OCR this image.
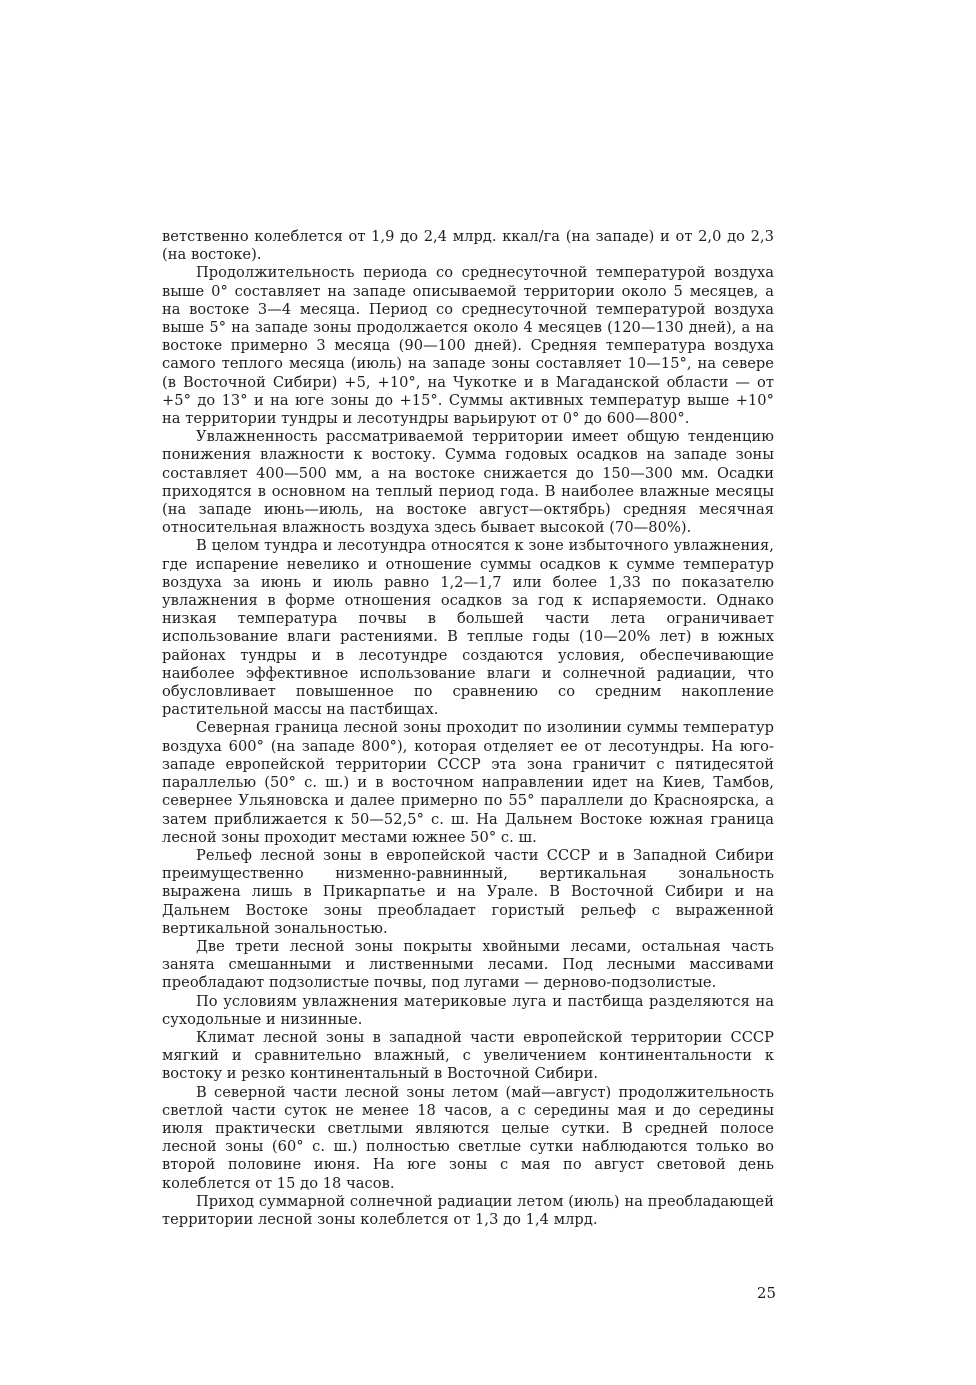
ветственно колеблется от 1,9 до 2,4 млрд. ккал/га (на западе) и от 2,0 до 2,3 (на востоке).

Продолжительность периода со среднесуточной температурой воздуха выше 0° составляет на западе описываемой территории около 5 месяцев, а на востоке 3—4 месяца. Период со среднесуточной температурой воздуха выше 5° на западе зоны продолжается около 4 месяцев (120—130 дней), а на востоке примерно 3 месяца (90—100 дней). Средняя температура воздуха самого теплого месяца (июль) на западе зоны составляет 10—15°, на севере (в Восточной Сибири) +5, +10°, на Чукотке и в Магаданской области — от +5° до 13° и на юге зоны до +15°. Суммы активных температур выше +10° на территории тундры и лесотундры варьируют от 0° до 600—800°.

Увлажненность рассматриваемой территории имеет общую тенденцию понижения влажности к востоку. Сумма годовых осадков на западе зоны составляет 400—500 мм, а на востоке снижается до 150—300 мм. Осадки приходятся в основном на теплый период года. В наиболее влажные месяцы (на западе июнь—июль, на востоке август—октябрь) средняя месячная относительная влажность воздуха здесь бывает высокой (70—80%).

В целом тундра и лесотундра относятся к зоне избыточного увлажнения, где испарение невелико и отношение суммы осадков к сумме температур воздуха за июнь и июль равно 1,2—1,7 или более 1,33 по показателю увлажнения в форме отношения осадков за год к испаряемости. Однако низкая температура почвы в большей части лета ограничивает использование влаги растениями. В теплые годы (10—20% лет) в южных районах тундры и в лесотундре создаются условия, обеспечивающие наиболее эффективное использование влаги и солнечной радиации, что обусловливает повышенное по сравнению со средним накопление растительной массы на пастбищах.

Северная граница лесной зоны проходит по изолинии суммы температур воздуха 600° (на западе 800°), которая отделяет ее от лесотундры. На юго-западе европейской территории СССР эта зона граничит с пятидесятой параллелью (50° с. ш.) и в восточном направлении идет на Киев, Тамбов, севернее Ульяновска и далее примерно по 55° параллели до Красноярска, а затем приближается к 50—52,5° с. ш. На Дальнем Востоке южная граница лесной зоны проходит местами южнее 50° с. ш.

Рельеф лесной зоны в европейской части СССР и в Западной Сибири преимущественно низменно-равнинный, вертикальная зональность выражена лишь в Прикарпатье и на Урале. В Восточной Сибири и на Дальнем Востоке зоны преобладает гористый рельеф с выраженной вертикальной зональностью.

Две трети лесной зоны покрыты хвойными лесами, остальная часть занята смешанными и лиственными лесами. Под лесными массивами преобладают подзолистые почвы, под лугами — дерново-подзолистые.

По условиям увлажнения материковые луга и пастбища разделяются на суходольные и низинные.

Климат лесной зоны в западной части европейской территории СССР мягкий и сравнительно влажный, с увеличением континентальности к востоку и резко континентальный в Восточной Сибири.

В северной части лесной зоны летом (май—август) продолжительность светлой части суток не менее 18 часов, а с середины мая и до середины июля практически светлыми являются целые сутки. В средней полосе лесной зоны (60° с. ш.) полностью светлые сутки наблюдаются только во второй половине июня. На юге зоны с мая по август световой день колеблется от 15 до 18 часов.

Приход суммарной солнечной радиации летом (июль) на преобладающей территории лесной зоны колеблется от 1,3 до 1,4 млрд.

25
